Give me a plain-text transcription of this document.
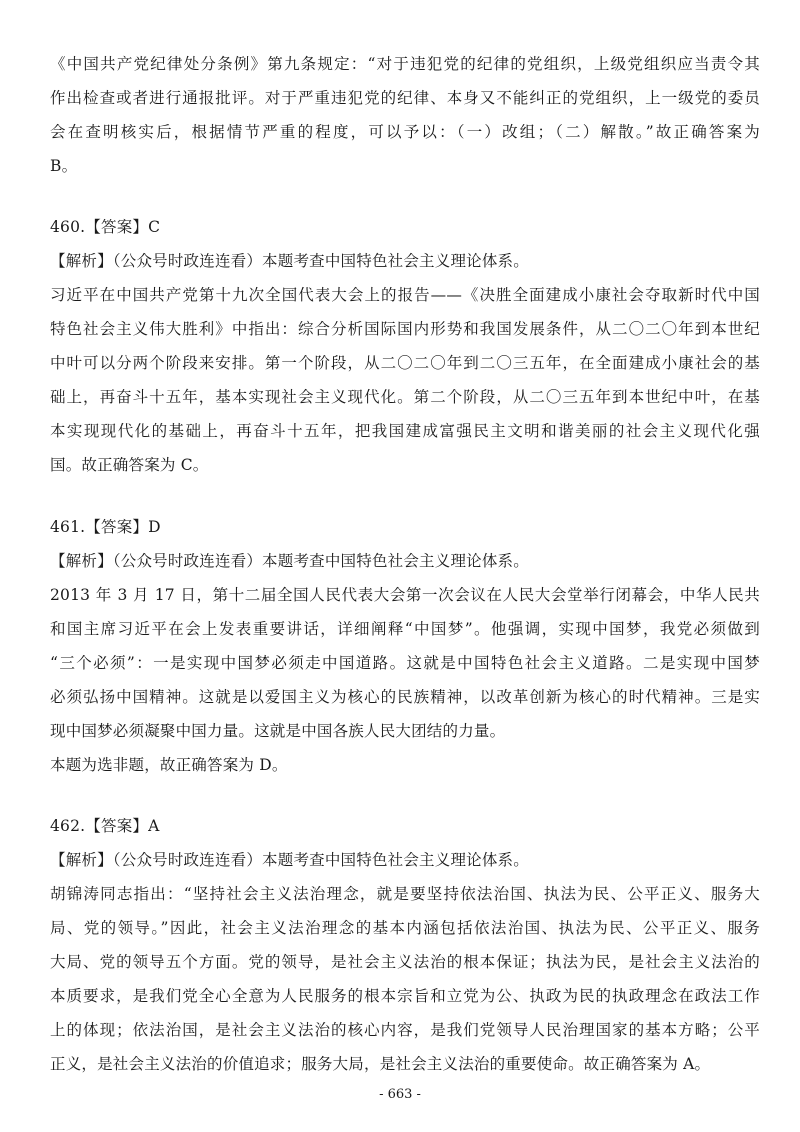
《中国共产党纪律处分条例》第九条规定：“对于违犯党的纪律的党组织，上级党组织应当责令其
作出检查或者进行通报批评。对于严重违犯党的纪律、本身又不能纠正的党组织，上一级党的委员
会在查明核实后，根据情节严重的程度，可以予以：（一）改组；（二）解散。”故正确答案为
B。
460.【答案】C
【解析】（公众号时政连连看）本题考查中国特色社会主义理论体系。
习近平在中国共产党第十九次全国代表大会上的报告——《决胜全面建成小康社会夺取新时代中国
特色社会主义伟大胜利》中指出：综合分析国际国内形势和我国发展条件，从二〇二〇年到本世纪
中叶可以分两个阶段来安排。第一个阶段，从二〇二〇年到二〇三五年，在全面建成小康社会的基
础上，再奋斗十五年，基本实现社会主义现代化。第二个阶段，从二〇三五年到本世纪中叶，在基
本实现现代化的基础上，再奋斗十五年，把我国建成富强民主文明和谐美丽的社会主义现代化强
国。故正确答案为 C。
461.【答案】D
【解析】（公众号时政连连看）本题考查中国特色社会主义理论体系。
2013 年 3 月 17 日，第十二届全国人民代表大会第一次会议在人民大会堂举行闭幕会，中华人民共
和国主席习近平在会上发表重要讲话，详细阐释“中国梦”。他强调，实现中国梦，我党必须做到
“三个必须”：一是实现中国梦必须走中国道路。这就是中国特色社会主义道路。二是实现中国梦
必须弘扬中国精神。这就是以爱国主义为核心的民族精神，以改革创新为核心的时代精神。三是实
现中国梦必须凝聚中国力量。这就是中国各族人民大团结的力量。
本题为选非题，故正确答案为 D。
462.【答案】A
【解析】（公众号时政连连看）本题考查中国特色社会主义理论体系。
胡锦涛同志指出：“坚持社会主义法治理念，就是要坚持依法治国、执法为民、公平正义、服务大
局、党的领导。”因此，社会主义法治理念的基本内涵包括依法治国、执法为民、公平正义、服务
大局、党的领导五个方面。党的领导，是社会主义法治的根本保证；执法为民，是社会主义法治的
本质要求，是我们党全心全意为人民服务的根本宗旨和立党为公、执政为民的执政理念在政法工作
上的体现；依法治国，是社会主义法治的核心内容，是我们党领导人民治理国家的基本方略；公平
正义，是社会主义法治的价值追求；服务大局，是社会主义法治的重要使命。故正确答案为 A。
- 663 -
